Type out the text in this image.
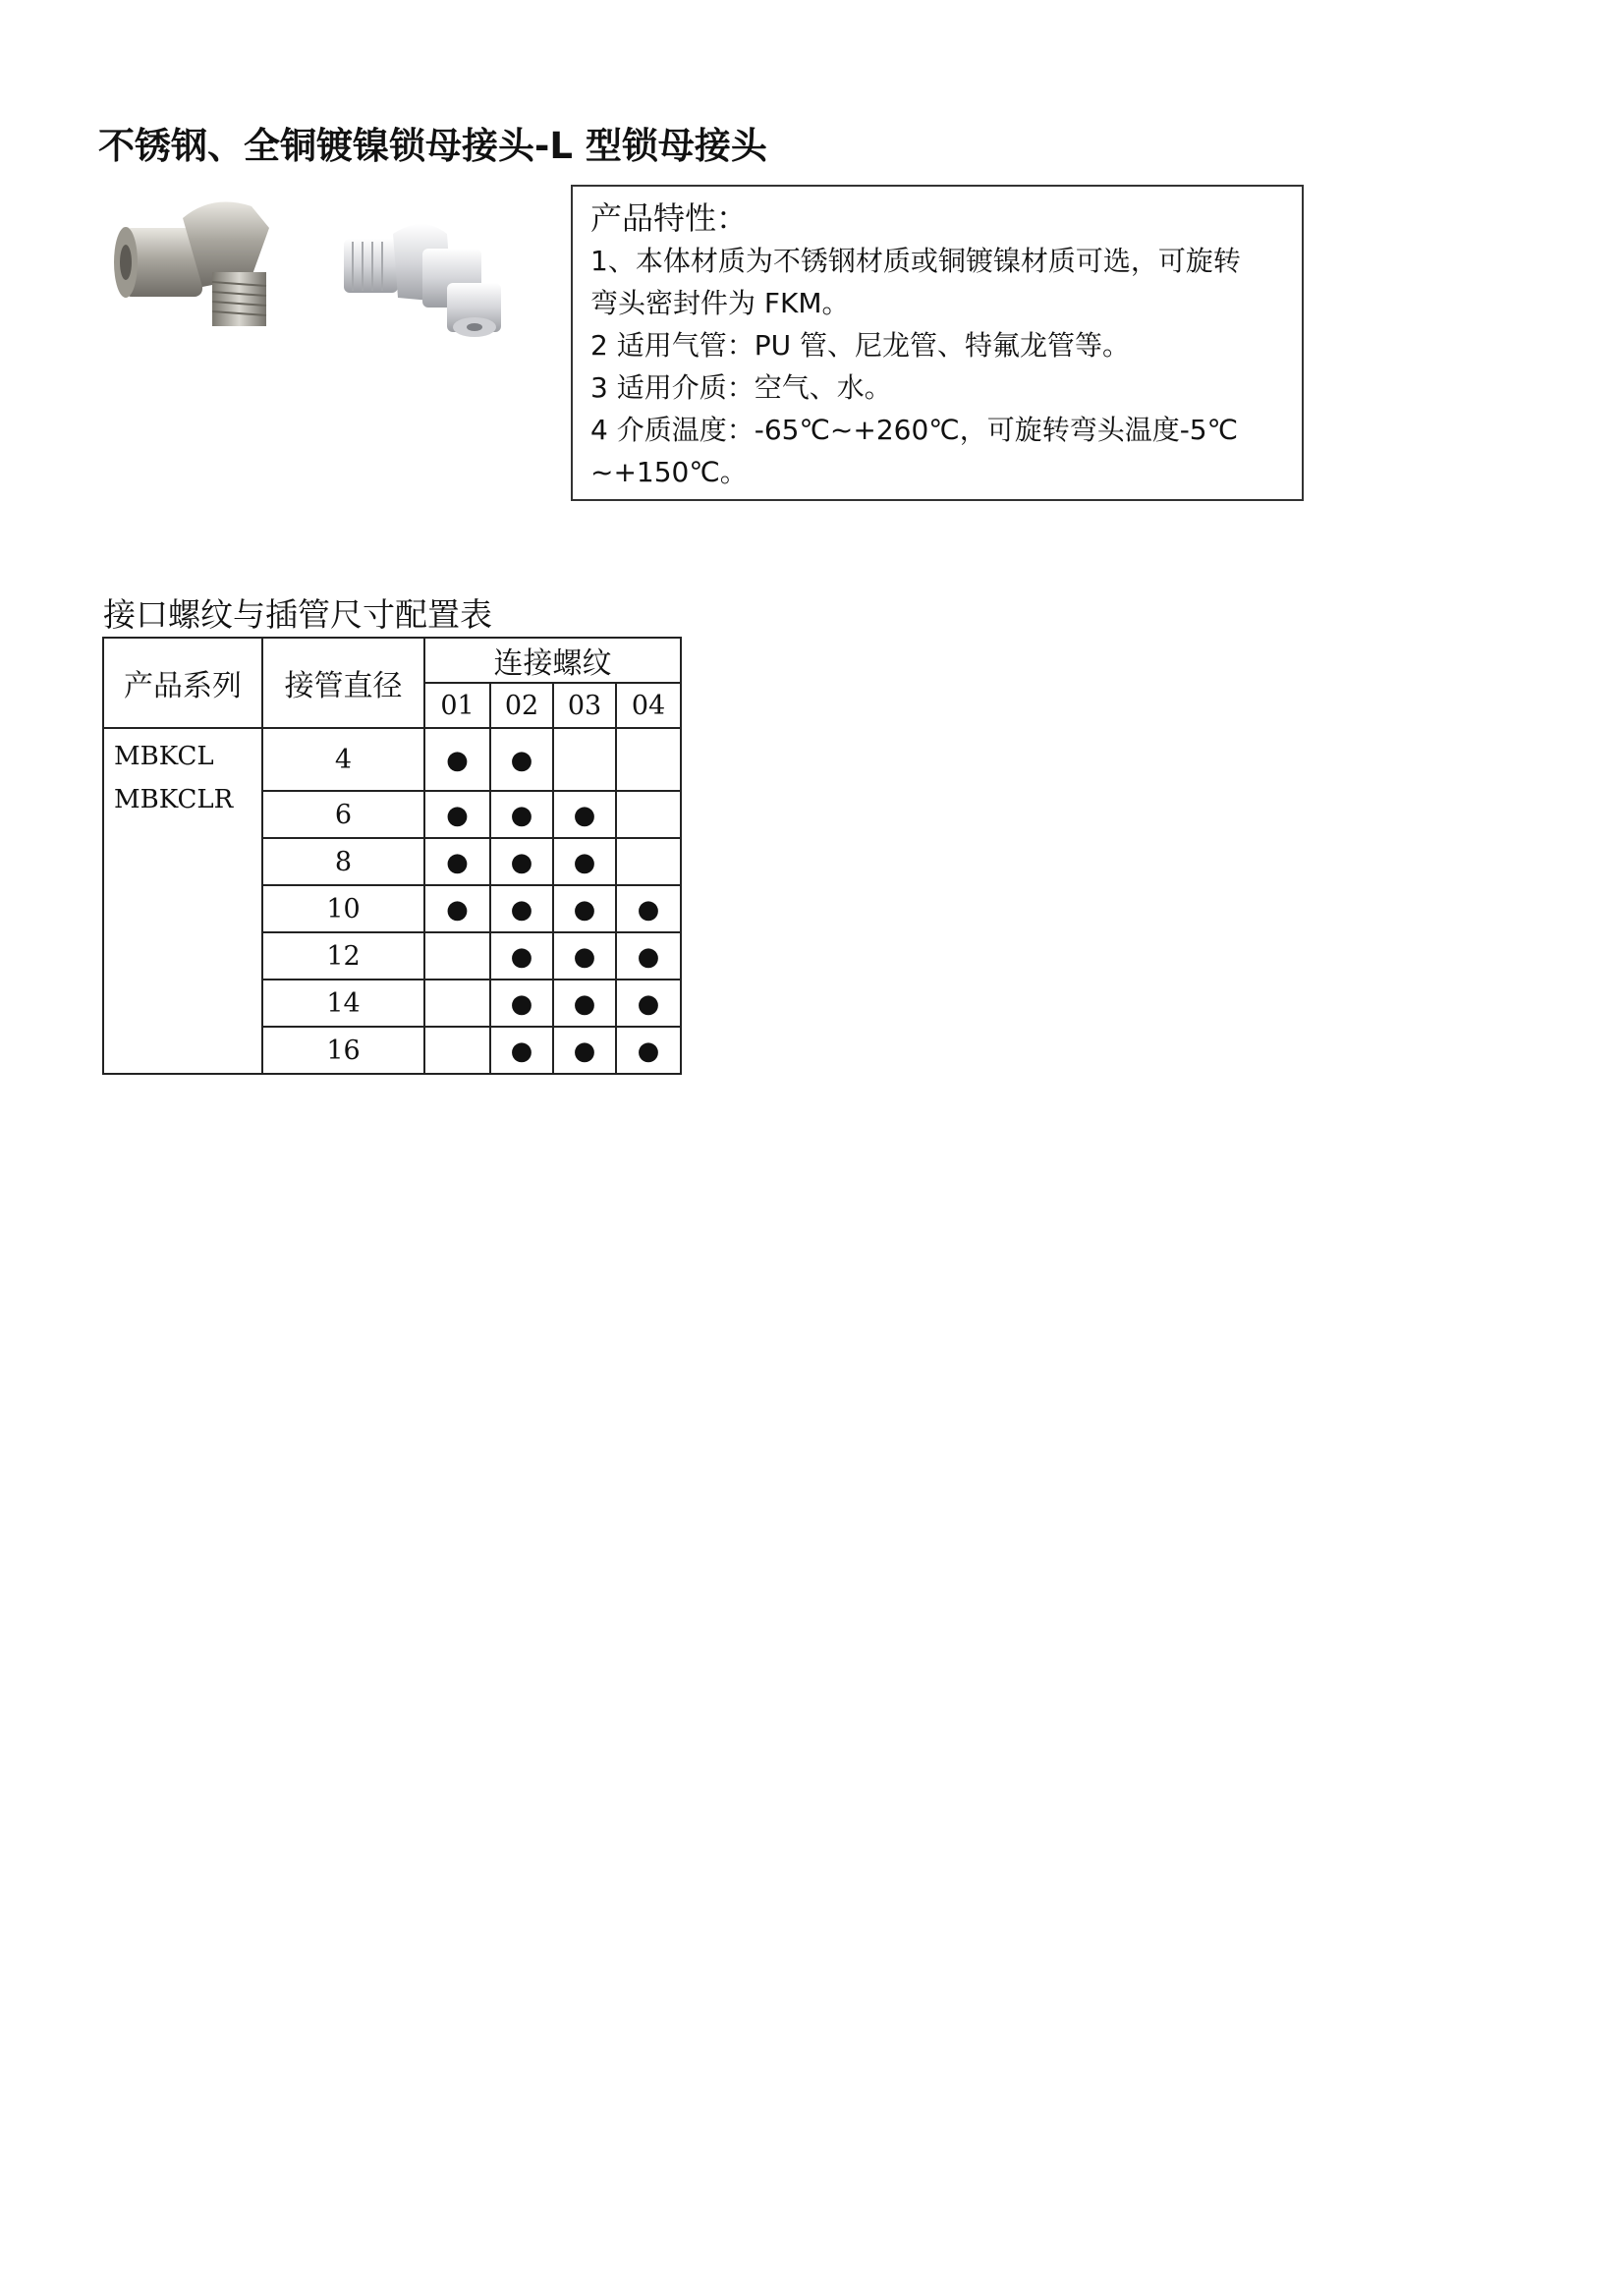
不锈钢、全铜镀镍锁母接头-L 型锁母接头
产品特性：
1、本体材质为不锈钢材质或铜镀镍材质可选，可旋转
弯头密封件为 FKM。
2 适用气管：PU 管、尼龙管、特氟龙管等。
3 适用介质：空气、水。
4 介质温度：-65℃~+260℃，可旋转弯头温度-5℃
~+150℃。
接口螺纹与插管尺寸配置表
产品系列	接管直径	连接螺纹			
		01	02	03	04

MBKCL
MBKCLR	4	●	●		
	6	●	●	●	
	8	●	●	●	
	10	●	●	●	●
	12		●	●	●
	14		●	●	●
	16		●	●	●
